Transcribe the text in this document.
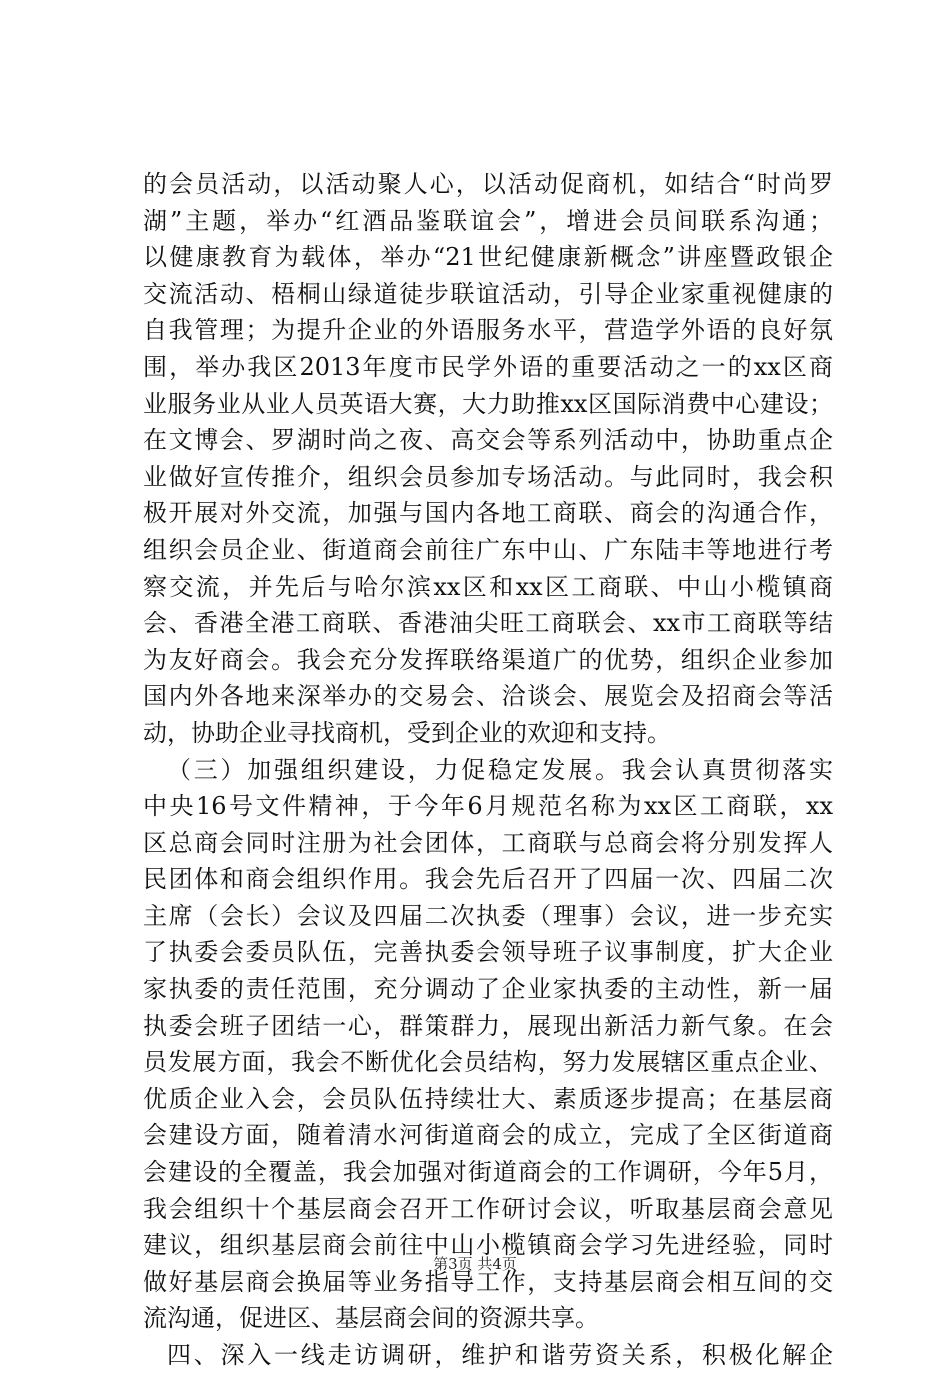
的会员活动，以活动聚人心，以活动促商机，如结合“时尚罗
湖”主题，举办“红酒品鉴联谊会”，增进会员间联系沟通；
以健康教育为载体，举办“21世纪健康新概念”讲座暨政银企
交流活动、梧桐山绿道徒步联谊活动，引导企业家重视健康的
自我管理；为提升企业的外语服务水平，营造学外语的良好氛
围，举办我区2013年度市民学外语的重要活动之一的xx区商
业服务业从业人员英语大赛，大力助推xx区国际消费中心建设；
在文博会、罗湖时尚之夜、高交会等系列活动中，协助重点企
业做好宣传推介，组织会员参加专场活动。与此同时，我会积
极开展对外交流，加强与国内各地工商联、商会的沟通合作，
组织会员企业、街道商会前往广东中山、广东陆丰等地进行考
察交流，并先后与哈尔滨xx区和xx区工商联、中山小榄镇商
会、香港全港工商联、香港油尖旺工商联会、xx市工商联等结
为友好商会。我会充分发挥联络渠道广的优势，组织企业参加
国内外各地来深举办的交易会、洽谈会、展览会及招商会等活
动，协助企业寻找商机，受到企业的欢迎和支持。
（三）加强组织建设，力促稳定发展。我会认真贯彻落实
中央16号文件精神，于今年6月规范名称为xx区工商联，xx
区总商会同时注册为社会团体，工商联与总商会将分别发挥人
民团体和商会组织作用。我会先后召开了四届一次、四届二次
主席（会长）会议及四届二次执委（理事）会议，进一步充实
了执委会委员队伍，完善执委会领导班子议事制度，扩大企业
家执委的责任范围，充分调动了企业家执委的主动性，新一届
执委会班子团结一心，群策群力，展现出新活力新气象。在会
员发展方面，我会不断优化会员结构，努力发展辖区重点企业、
优质企业入会，会员队伍持续壮大、素质逐步提高；在基层商
会建设方面，随着清水河街道商会的成立，完成了全区街道商
会建设的全覆盖，我会加强对街道商会的工作调研，今年5月，
我会组织十个基层商会召开工作研讨会议，听取基层商会意见
建议，组织基层商会前往中山小榄镇商会学习先进经验，同时
做好基层商会换届等业务指导工作，支持基层商会相互间的交
流沟通，促进区、基层商会间的资源共享。
四、深入一线走访调研，维护和谐劳资关系，积极化解企
第3页 共4页
